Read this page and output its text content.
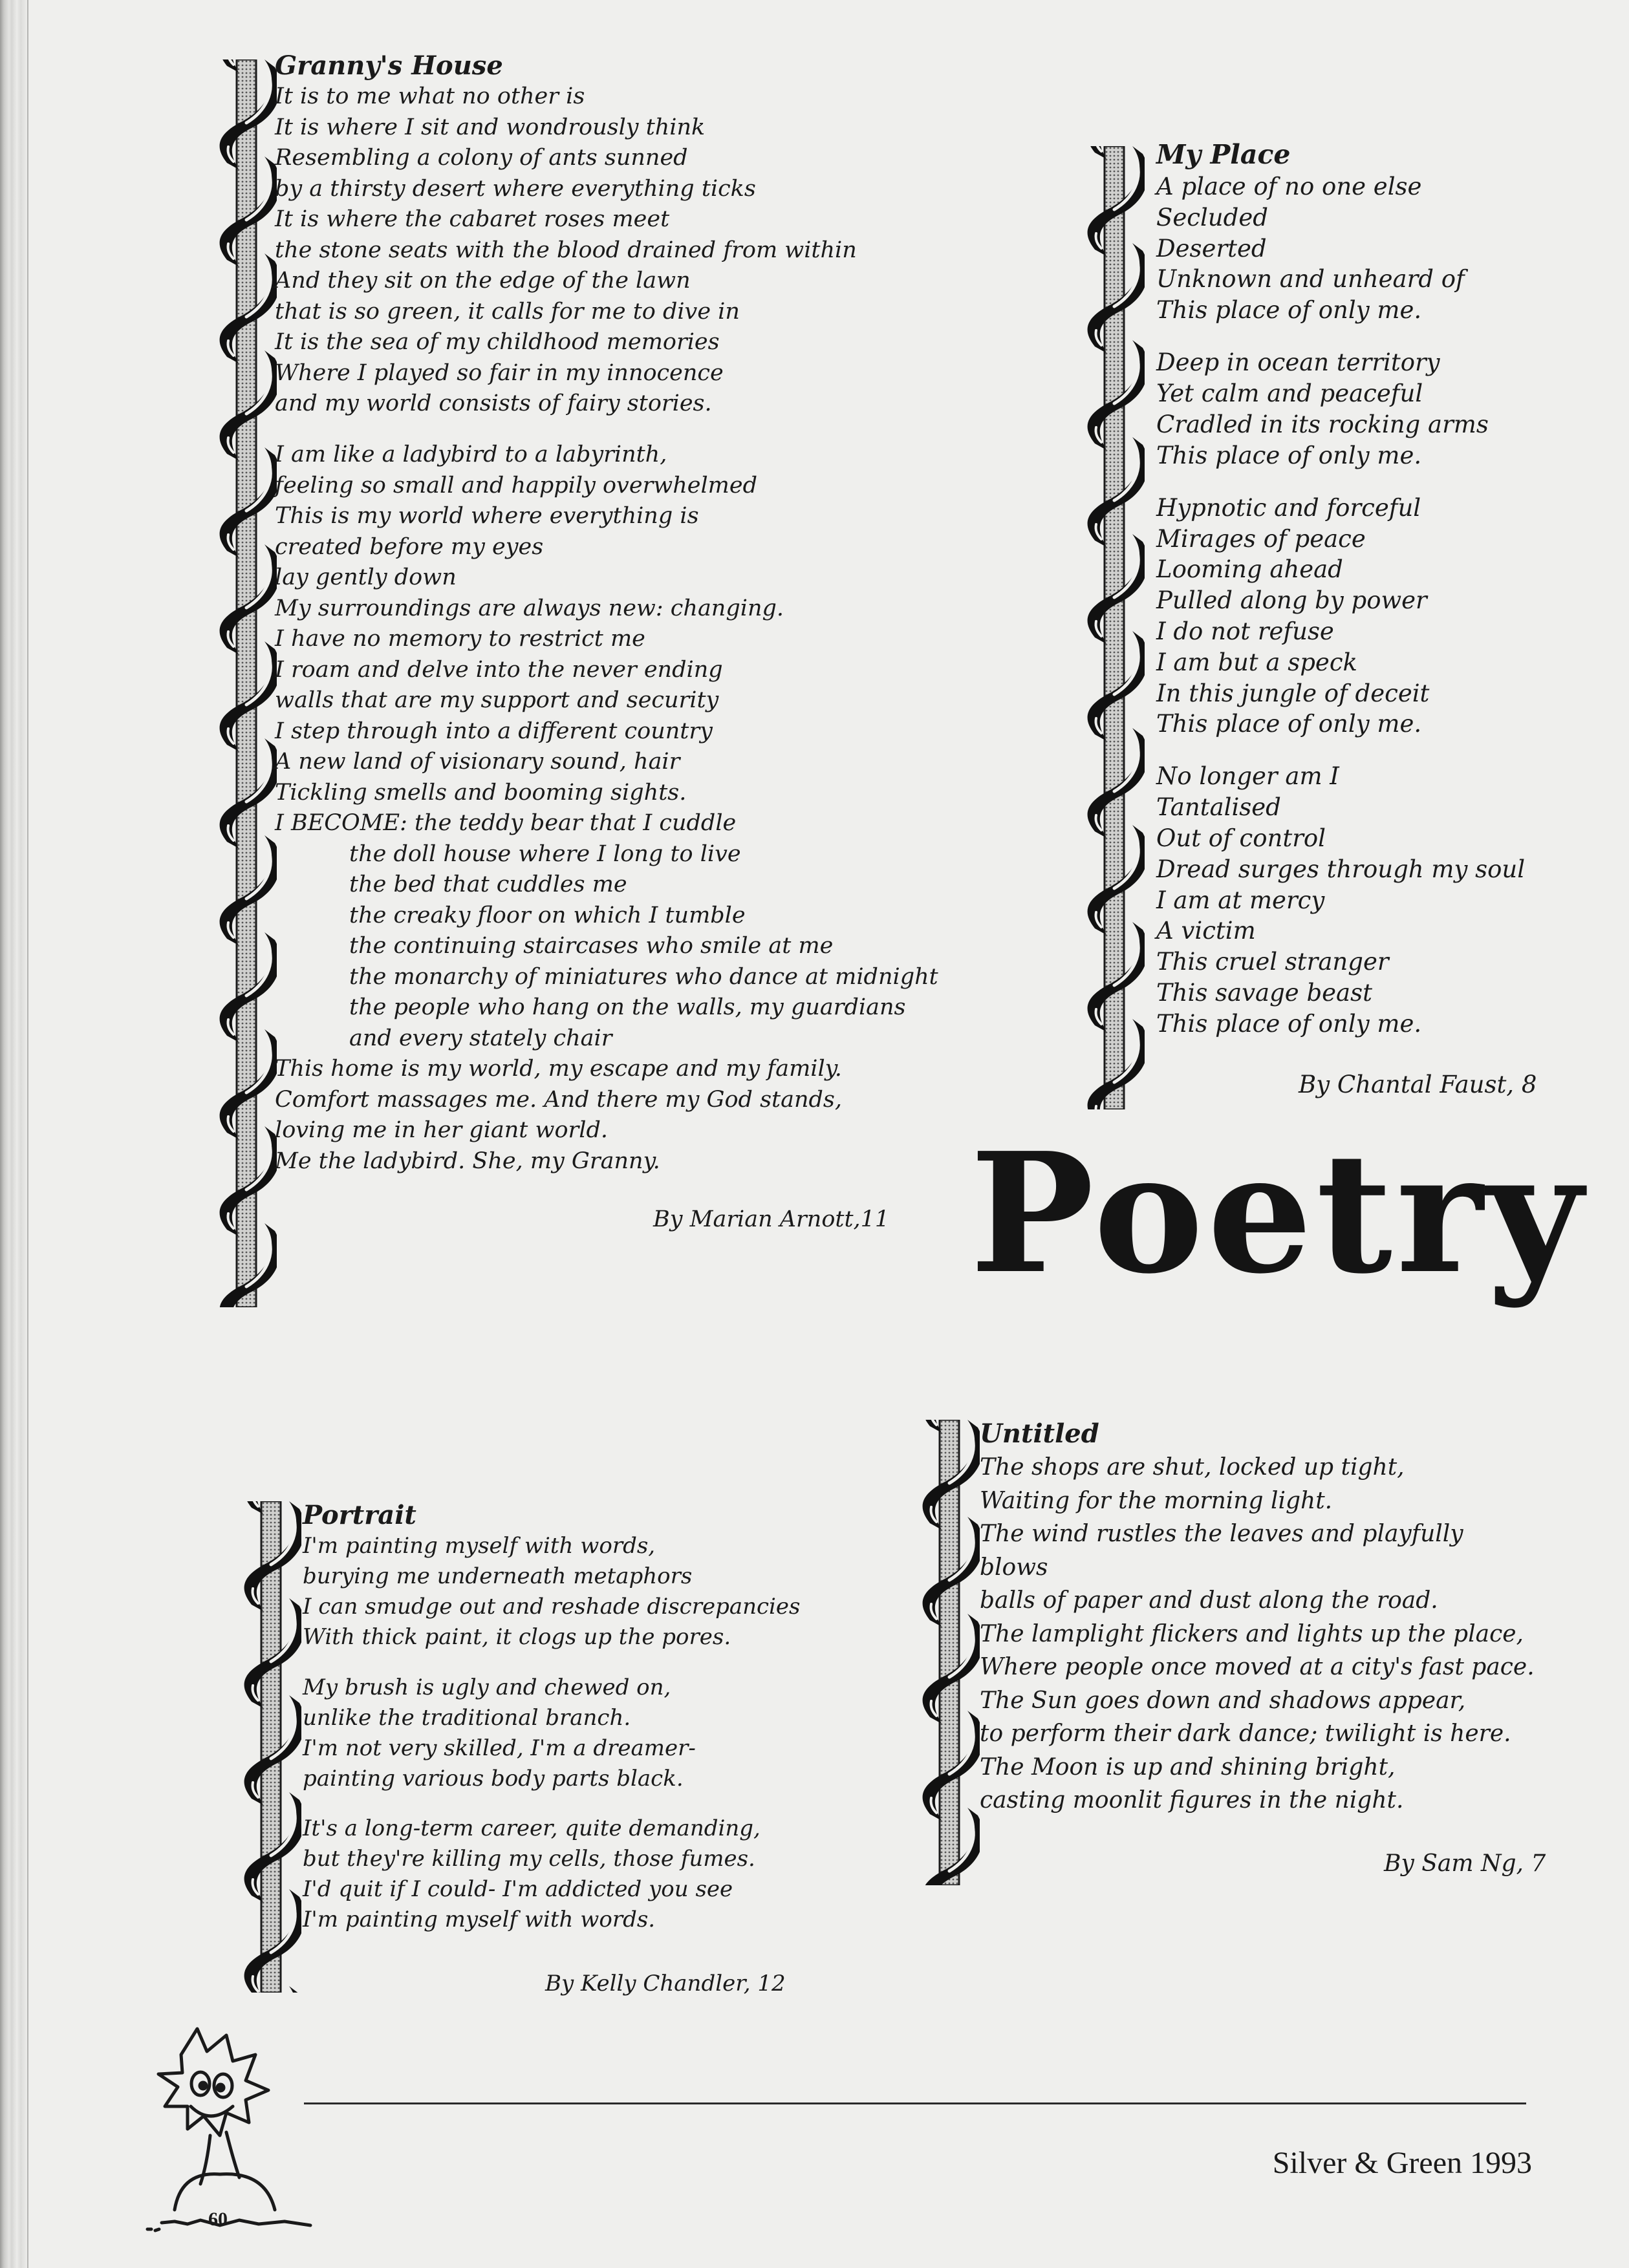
Granny's House

It is to me what no other is

It is where I sit and wondrously think

Resembling a colony of ants sunned

by a thirsty desert where everything ticks

It is where the cabaret roses meet

the stone seats with the blood drained from within

And they sit on the edge of the lawn

that is so green, it calls for me to dive in

It is the sea of my childhood memories

Where I played so fair in my innocence

and my world consists of fairy stories.

I am like a ladybird to a labyrinth,

feeling so small and happily overwhelmed

This is my world where everything is

created before my eyes

lay gently down

My surroundings are always new: changing.

I have no memory to restrict me

I roam and delve into the never ending

walls that are my support and security

I step through into a different country

A new land of visionary sound, hair

Tickling smells and booming sights.

I BECOME: the teddy bear that I cuddle

the doll house where I long to live

the bed that cuddles me

the creaky floor on which I tumble

the continuing staircases who smile at me

the monarchy of miniatures who dance at midnight

the people who hang on the walls, my guardians

and every stately chair

This home is my world, my escape and my family.

Comfort massages me. And there my God stands,

loving me in her giant world.

Me the ladybird. She, my Granny.

By Marian Arnott,11

My Place

A place of no one else

Secluded

Deserted

Unknown and unheard of

This place of only me.

Deep in ocean territory

Yet calm and peaceful

Cradled in its rocking arms

This place of only me.

Hypnotic and forceful

Mirages of peace

Looming ahead

Pulled along by power

I do not refuse

I am but a speck

In this jungle of deceit

This place of only me.

No longer am I

Tantalised

Out of control

Dread surges through my soul

I am at mercy

A victim

This cruel stranger

This savage beast

This place of only me.

By Chantal Faust, 8
Poetry

Portrait

I'm painting myself with words,

burying me underneath metaphors

I can smudge out and reshade discrepancies

With thick paint, it clogs up the pores.

My brush is ugly and chewed on,

unlike the traditional branch.

I'm not very skilled, I'm a dreamer-

painting various body parts black.

It's a long-term career, quite demanding,

but they're killing my cells, those fumes.

I'd quit if I could- I'm addicted you see

I'm painting myself with words.

By Kelly Chandler, 12

Untitled

The shops are shut, locked up tight,

Waiting for the morning light.

The wind rustles the leaves and playfully

blows

balls of paper and dust along the road.

The lamplight flickers and lights up the place,

Where people once moved at a city's fast pace.

The Sun goes down and shadows appear,

to perform their dark dance; twilight is here.

The Moon is up and shining bright,

casting moonlit figures in the night.

By Sam Ng, 7
60
Silver & Green 1993
